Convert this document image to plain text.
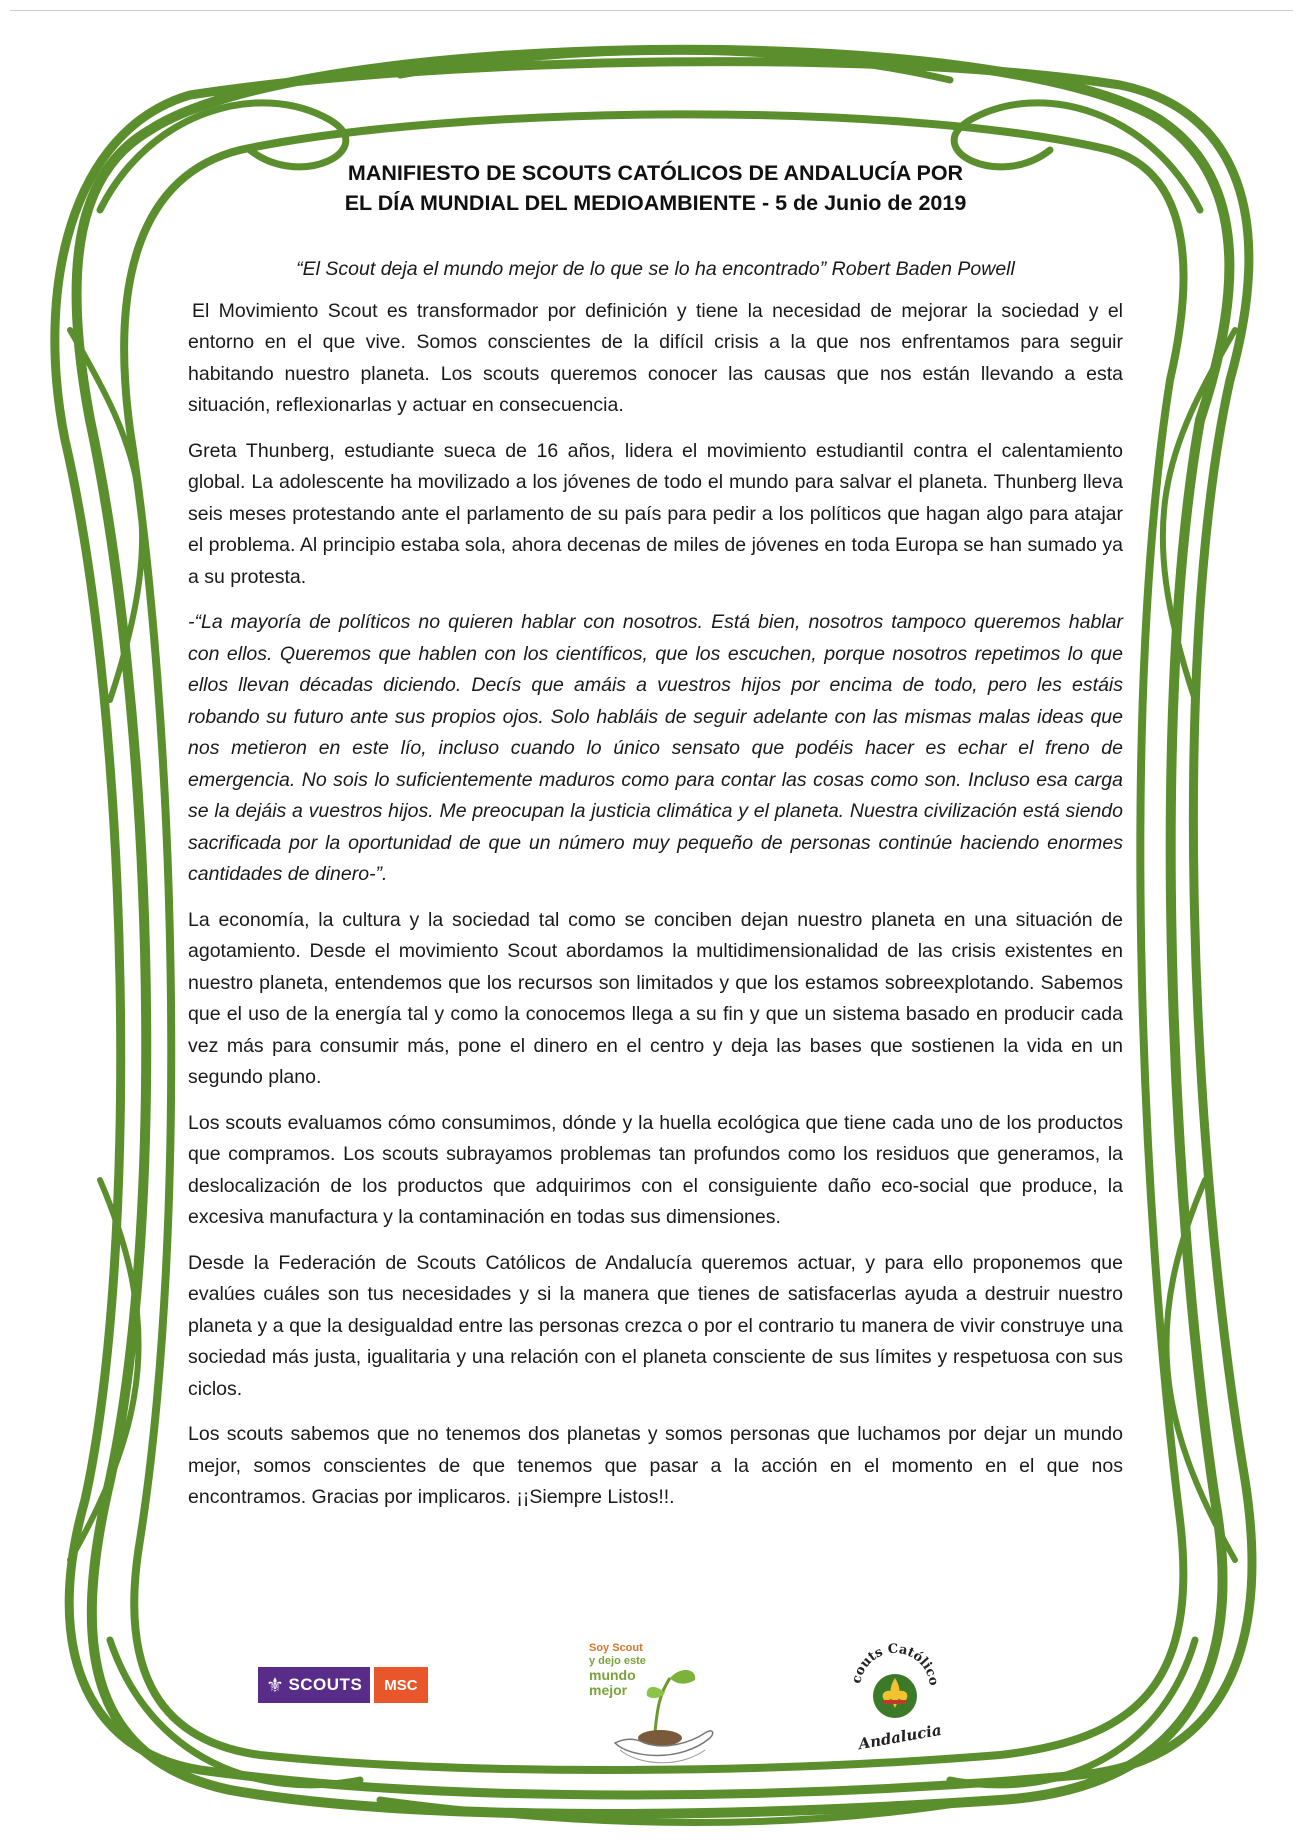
MANIFIESTO DE SCOUTS CATÓLICOS DE ANDALUCÍA POR
EL DÍA MUNDIAL DEL MEDIOAMBIENTE - 5 de Junio de 2019
“El Scout deja el mundo mejor de lo que se lo ha encontrado” Robert Baden Powell

El Movimiento Scout es transformador por definición y tiene la necesidad de mejorar la sociedad y el entorno en el que vive. Somos conscientes de la difícil crisis a la que nos enfrentamos para seguir habitando nuestro planeta. Los scouts queremos conocer las causas que nos están llevando a esta situación, reflexionarlas y actuar en consecuencia.

Greta Thunberg, estudiante sueca de 16 años, lidera el movimiento estudiantil contra el calentamiento global. La adolescente ha movilizado a los jóvenes de todo el mundo para salvar el planeta. Thunberg lleva seis meses protestando ante el parlamento de su país para pedir a los políticos que hagan algo para atajar el problema. Al principio estaba sola, ahora decenas de miles de jóvenes en toda Europa se han sumado ya a su protesta.

-“La mayoría de políticos no quieren hablar con nosotros. Está bien, nosotros tampoco queremos hablar con ellos. Queremos que hablen con los científicos, que los escuchen, porque nosotros repetimos lo que ellos llevan décadas diciendo. Decís que amáis a vuestros hijos por encima de todo, pero les estáis robando su futuro ante sus propios ojos. Solo habláis de seguir adelante con las mismas malas ideas que nos metieron en este lío, incluso cuando lo único sensato que podéis hacer es echar el freno de emergencia. No sois lo suficientemente maduros como para contar las cosas como son. Incluso esa carga se la dejáis a vuestros hijos. Me preocupan la justicia climática y el planeta. Nuestra civilización está siendo sacrificada por la oportunidad de que un número muy pequeño de personas continúe haciendo enormes cantidades de dinero-”.

La economía, la cultura y la sociedad tal como se conciben dejan nuestro planeta en una situación de agotamiento. Desde el movimiento Scout abordamos la multidimensionalidad de las crisis existentes en nuestro planeta, entendemos que los recursos son limitados y que los estamos sobreexplotando. Sabemos que el uso de la energía tal y como la conocemos llega a su fin y que un sistema basado en producir cada vez más para consumir más, pone el dinero en el centro y deja las bases que sostienen la vida en un segundo plano.

Los scouts evaluamos cómo consumimos, dónde y la huella ecológica que tiene cada uno de los productos que compramos. Los scouts subrayamos problemas tan profundos como los residuos que generamos, la deslocalización de los productos que adquirimos con el consiguiente daño eco-social que produce, la excesiva manufactura y la contaminación en todas sus dimensiones.

Desde la Federación de Scouts Católicos de Andalucía queremos actuar, y para ello proponemos que evalúes cuáles son tus necesidades y si la manera que tienes de satisfacerlas ayuda a destruir nuestro planeta y a que la desigualdad entre las personas crezca o por el contrario tu manera de vivir construye una sociedad más justa, igualitaria y una relación con el planeta consciente de sus límites y respetuosa con sus ciclos.

Los scouts sabemos que no tenemos dos planetas y somos personas que luchamos por dejar un mundo mejor, somos conscientes de que tenemos que pasar a la acción en el momento en el que nos encontramos. Gracias por implicaros. ¡¡Siempre Listos!!.

⚜ SCOUTS MSC
Soy Scout
y dejo este
mundo
mejor
couts Católico
Andalucia
